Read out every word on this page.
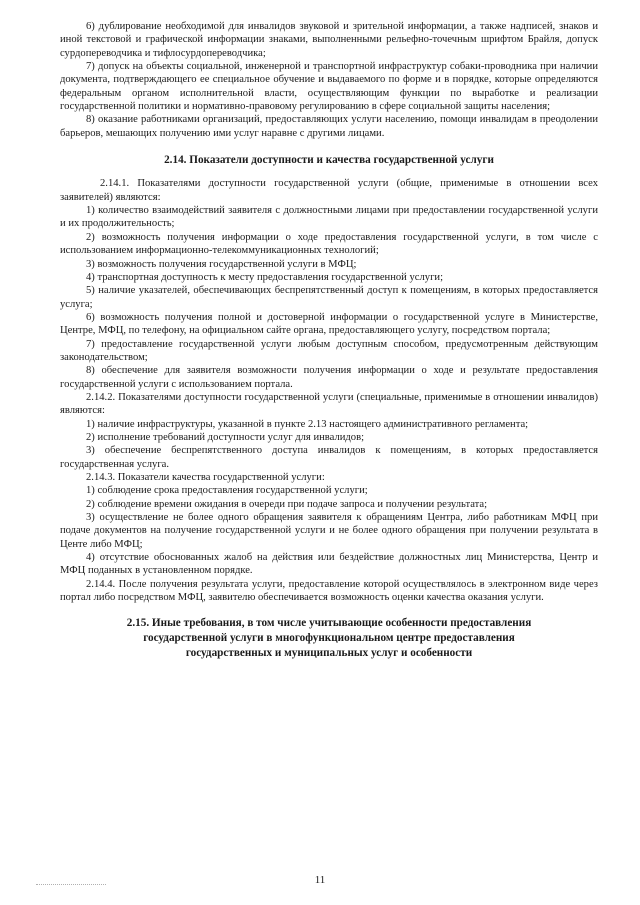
6) дублирование необходимой для инвалидов звуковой и зрительной информации, а также надписей, знаков и иной текстовой и графической информации знаками, выполненными рельефно-точечным шрифтом Брайля, допуск сурдопереводчика и тифлосурдопереводчика;

7) допуск на объекты социальной, инженерной и транспортной инфраструктур собаки-проводника при наличии документа, подтверждающего ее специальное обучение и выдаваемого по форме и в порядке, которые определяются федеральным органом исполнительной власти, осуществляющим функции по выработке и реализации государственной политики и нормативно-правовому регулированию в сфере социальной защиты населения;

8) оказание работниками организаций, предоставляющих услуги населению, помощи инвалидам в преодолении барьеров, мешающих получению ими услуг наравне с другими лицами.

2.14. Показатели доступности и качества государственной услуги

2.14.1. Показателями доступности государственной услуги (общие, применимые в отношении всех заявителей) являются:

1) количество взаимодействий заявителя с должностными лицами при предоставлении государственной услуги и их продолжительность;

2) возможность получения информации о ходе предоставления государственной услуги, в том числе с использованием информационно-телекоммуникационных технологий;

3) возможность получения государственной услуги в МФЦ;

4) транспортная доступность к месту предоставления государственной услуги;

5) наличие указателей, обеспечивающих беспрепятственный доступ к помещениям, в которых предоставляется услуга;

6) возможность получения полной и достоверной информации о государственной услуге в Министерстве, Центре, МФЦ, по телефону, на официальном сайте органа, предоставляющего услугу, посредством портала;

7) предоставление государственной услуги любым доступным способом, предусмотренным действующим законодательством;

8) обеспечение для заявителя возможности получения информации о ходе и результате предоставления государственной услуги с использованием портала.

2.14.2. Показателями доступности государственной услуги (специальные, применимые в отношении инвалидов) являются:

1) наличие инфраструктуры, указанной в пункте 2.13 настоящего административного регламента;

2) исполнение требований доступности услуг для инвалидов;

3) обеспечение беспрепятственного доступа инвалидов к помещениям, в которых предоставляется государственная услуга.

2.14.3. Показатели качества государственной услуги:

1) соблюдение срока предоставления государственной услуги;

2) соблюдение времени ожидания в очереди при подаче запроса и получении результата;

3) осуществление не более одного обращения заявителя к обращениям Центра, либо работникам МФЦ при подаче документов на получение государственной услуги и не более одного обращения при получении результата в Центе либо МФЦ;

4) отсутствие обоснованных жалоб на действия или бездействие должностных лиц Министерства, Центр и МФЦ поданных в установленном порядке.

2.14.4. После получения результата услуги, предоставление которой осуществлялось в электронном виде через портал либо посредством МФЦ, заявителю обеспечивается возможность оценки качества оказания услуги.

2.15. Иные требования, в том числе учитывающие особенности предоставления государственной услуги в многофункциональном центре предоставления государственных и муниципальных услуг и особенности

11
